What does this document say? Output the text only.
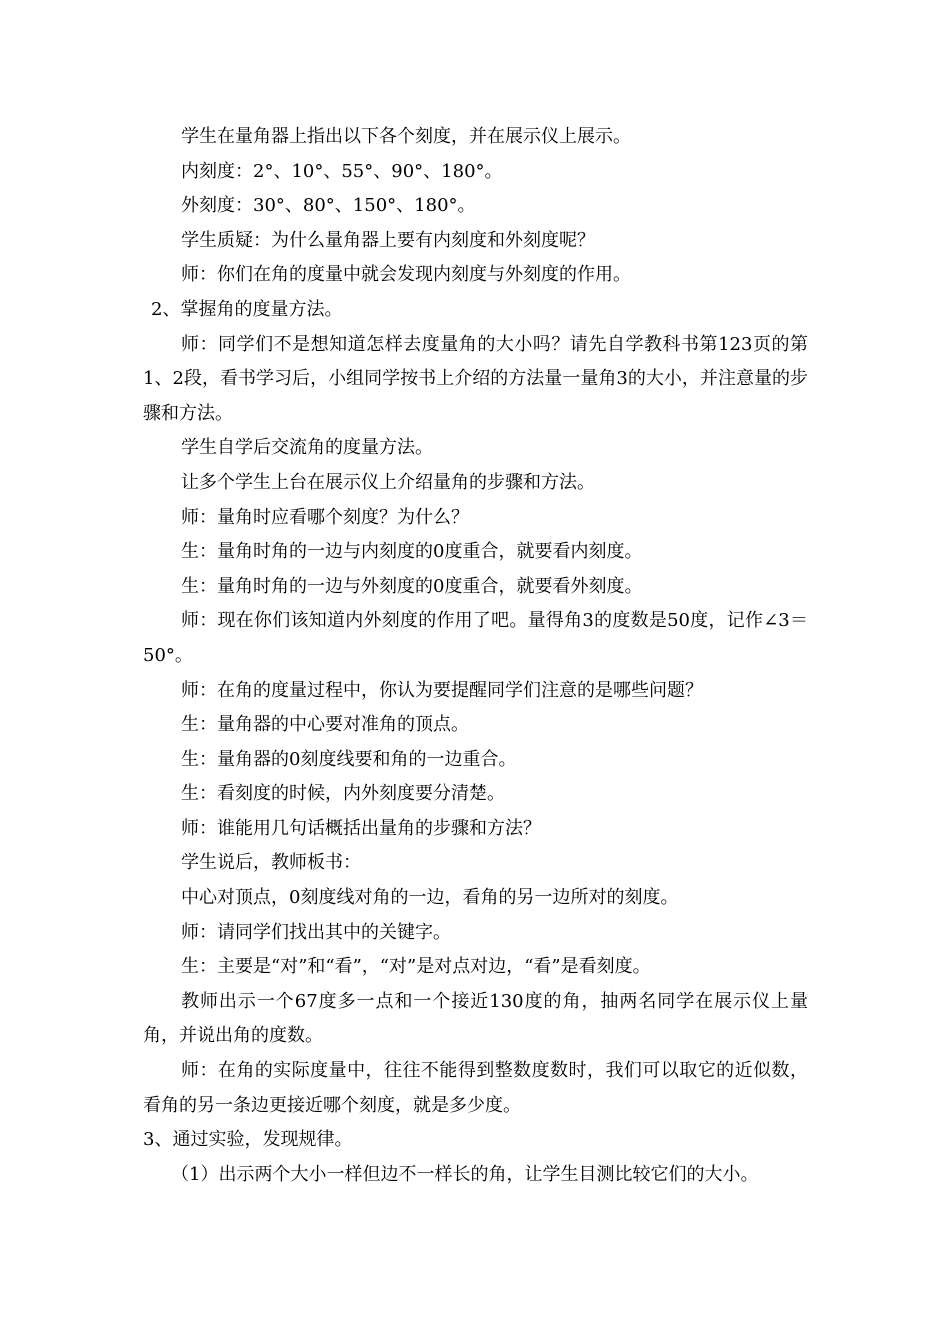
学生在量角器上指出以下各个刻度，并在展示仪上展示。

内刻度：2°、10°、55°、90°、180°。

外刻度：30°、80°、150°、180°。

学生质疑：为什么量角器上要有内刻度和外刻度呢？

师：你们在角的度量中就会发现内刻度与外刻度的作用。

2、掌握角的度量方法。

师：同学们不是想知道怎样去度量角的大小吗？请先自学教科书第123页的第1、2段，看书学习后，小组同学按书上介绍的方法量一量角3的大小，并注意量的步骤和方法。

学生自学后交流角的度量方法。

让多个学生上台在展示仪上介绍量角的步骤和方法。

师：量角时应看哪个刻度？为什么？

生：量角时角的一边与内刻度的0度重合，就要看内刻度。

生：量角时角的一边与外刻度的0度重合，就要看外刻度。

师：现在你们该知道内外刻度的作用了吧。量得角3的度数是50度，记作∠3＝50°。

师：在角的度量过程中，你认为要提醒同学们注意的是哪些问题？

生：量角器的中心要对准角的顶点。

生：量角器的0刻度线要和角的一边重合。

生：看刻度的时候，内外刻度要分清楚。

师：谁能用几句话概括出量角的步骤和方法？

学生说后，教师板书：

中心对顶点，0刻度线对角的一边，看角的另一边所对的刻度。

师：请同学们找出其中的关键字。

生：主要是“对”和“看”，“对”是对点对边，“看”是看刻度。

教师出示一个67度多一点和一个接近130度的角，抽两名同学在展示仪上量角，并说出角的度数。

师：在角的实际度量中，往往不能得到整数度数时，我们可以取它的近似数，看角的另一条边更接近哪个刻度，就是多少度。

3、通过实验，发现规律。

（1）出示两个大小一样但边不一样长的角，让学生目测比较它们的大小。
